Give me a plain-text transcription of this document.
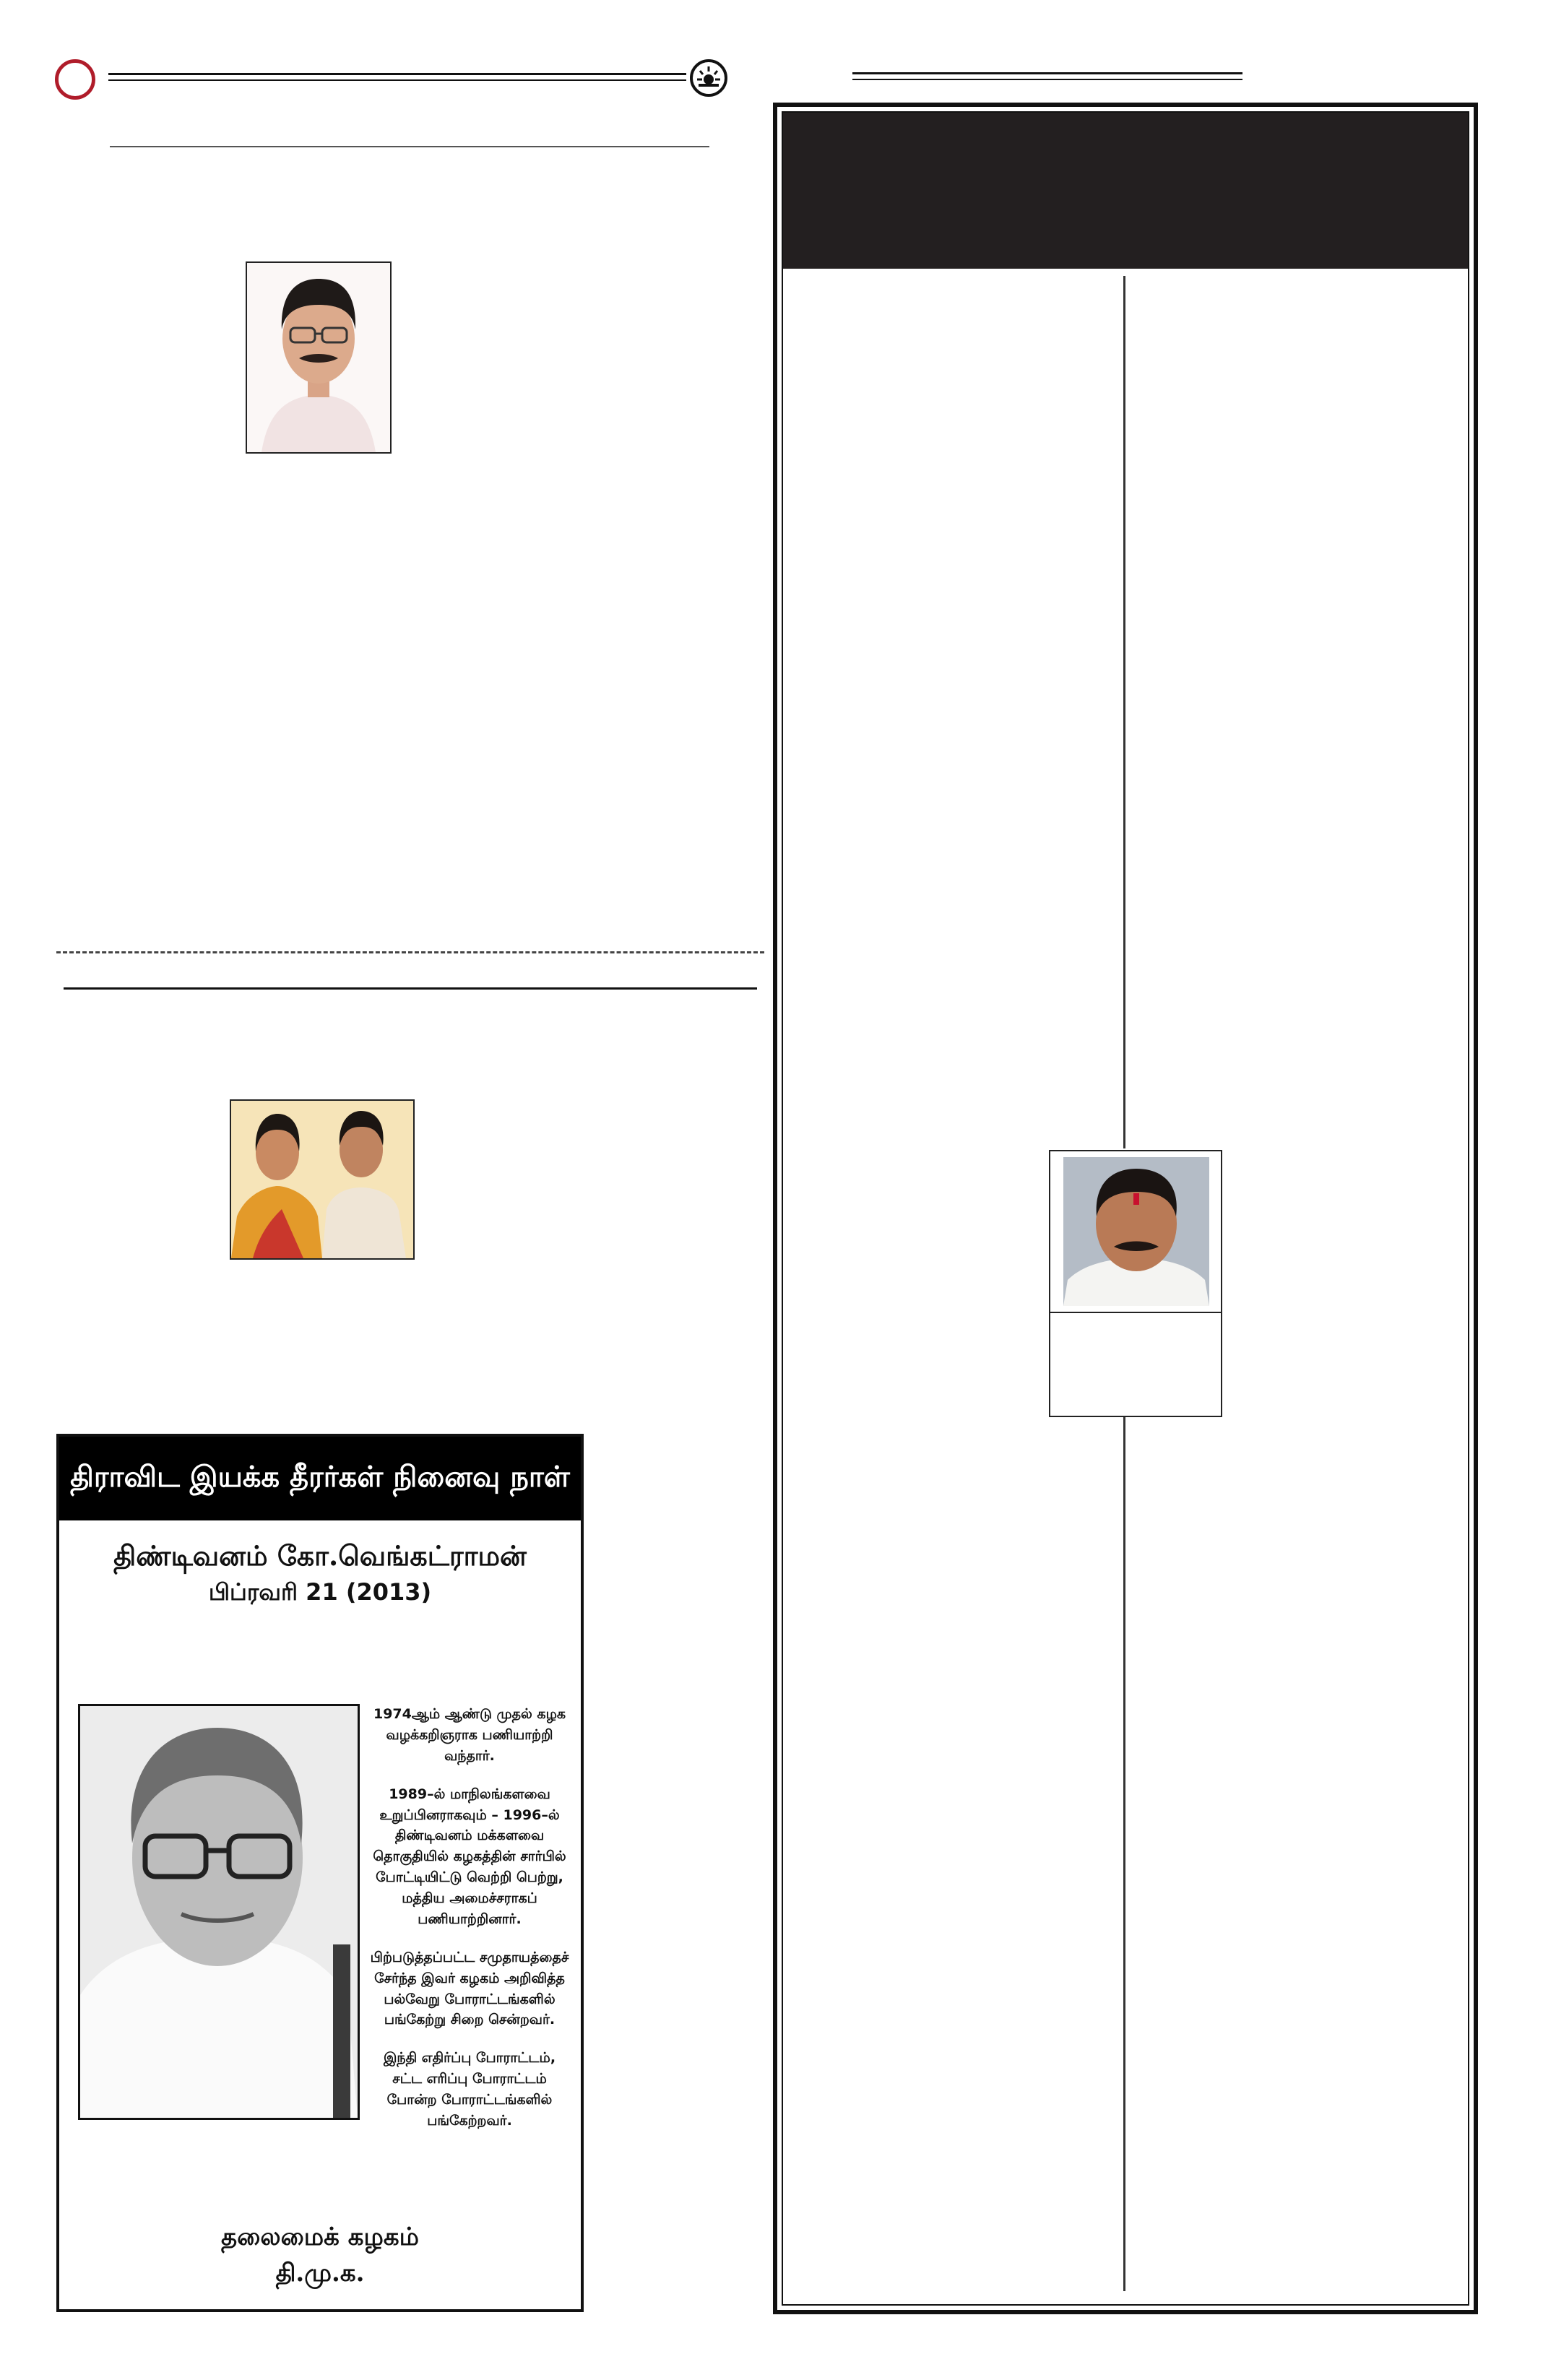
திராவிட இயக்க தீரர்கள் நினைவு நாள்
திண்டிவனம் கோ.வெங்கட்ராமன்
பிப்ரவரி 21 (2013)

1974ஆம் ஆண்டு முதல் கழக வழக்கறிஞராக பணியாற்றி வந்தார்.

1989–ல் மாநிலங்களவை உறுப்பினராகவும் – 1996–ல் திண்டிவனம் மக்களவை தொகுதியில் கழகத்தின் சார்பில் போட்டியிட்டு வெற்றி பெற்று, மத்திய அமைச்சராகப் பணியாற்றினார்.

பிற்படுத்தப்பட்ட சமுதாயத்தைச் சேர்ந்த இவர் கழகம் அறிவித்த பல்வேறு போராட்டங்களில் பங்கேற்று சிறை சென்றவர்.

இந்தி எதிர்ப்பு போராட்டம், சட்ட எரிப்பு போராட்டம் போன்ற போராட்டங்களில் பங்கேற்றவர்.

தலைமைக் கழகம்
தி.மு.க.
